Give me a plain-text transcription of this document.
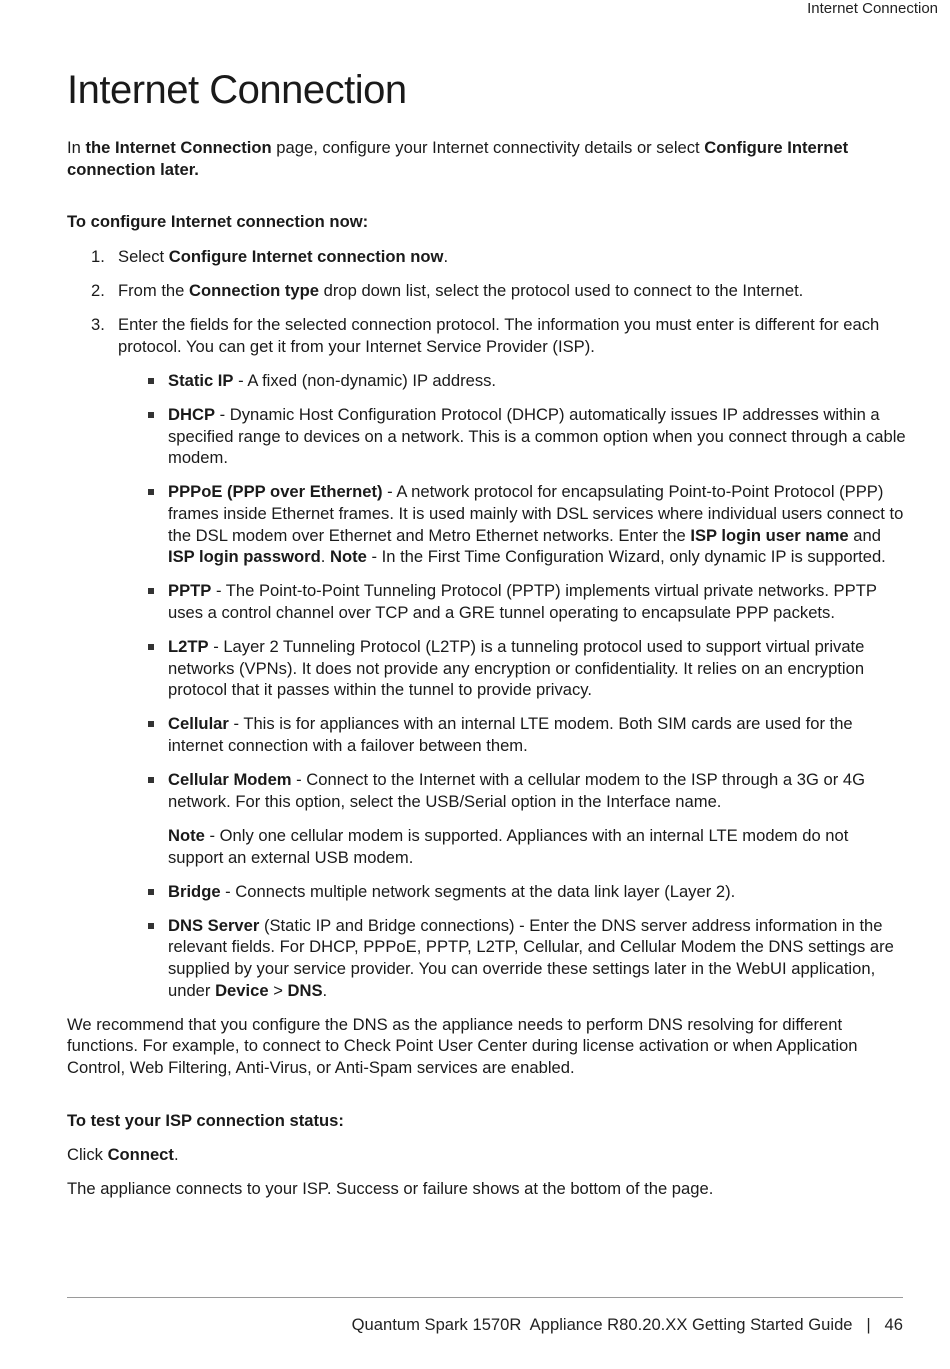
Internet Connection
Internet Connection

In the Internet Connection page, configure your Internet connectivity details or select Configure Internet connection later.

To configure Internet connection now:

1. Select Configure Internet connection now.
2. From the Connection type drop down list, select the protocol used to connect to the Internet.
3. Enter the fields for the selected connection protocol. The information you must enter is different for each protocol. You can get it from your Internet Service Provider (ISP).
Static IP - A fixed (non-dynamic) IP address.
DHCP - Dynamic Host Configuration Protocol (DHCP) automatically issues IP addresses within a specified range to devices on a network. This is a common option when you connect through a cable modem.
PPPoE (PPP over Ethernet) - A network protocol for encapsulating Point-to-Point Protocol (PPP) frames inside Ethernet frames. It is used mainly with DSL services where individual users connect to the DSL modem over Ethernet and Metro Ethernet networks. Enter the ISP login user name and ISP login password. Note - In the First Time Configuration Wizard, only dynamic IP is supported.
PPTP - The Point-to-Point Tunneling Protocol (PPTP) implements virtual private networks. PPTP uses a control channel over TCP and a GRE tunnel operating to encapsulate PPP packets.
L2TP - Layer 2 Tunneling Protocol (L2TP) is a tunneling protocol used to support virtual private networks (VPNs). It does not provide any encryption or confidentiality. It relies on an encryption protocol that it passes within the tunnel to provide privacy.
Cellular - This is for appliances with an internal LTE modem. Both SIM cards are used for the internet connection with a failover between them.
Cellular Modem - Connect to the Internet with a cellular modem to the ISP through a 3G or 4G network. For this option, select the USB/Serial option in the Interface name.

Note - Only one cellular modem is supported. Appliances with an internal LTE modem do not support an external USB modem.

Bridge - Connects multiple network segments at the data link layer (Layer 2).
DNS Server (Static IP and Bridge connections) - Enter the DNS server address information in the relevant fields. For DHCP, PPPoE, PPTP, L2TP, Cellular, and Cellular Modem the DNS settings are supplied by your service provider. You can override these settings later in the WebUI application, under Device > DNS.

We recommend that you configure the DNS as the appliance needs to perform DNS resolving for different functions. For example, to connect to Check Point User Center during license activation or when Application Control, Web Filtering, Anti-Virus, or Anti-Spam services are enabled.

To test your ISP connection status:

Click Connect.

The appliance connects to your ISP. Success or failure shows at the bottom of the page.

Quantum Spark 1570R  Appliance R80.20.XX Getting Started Guide | 46
